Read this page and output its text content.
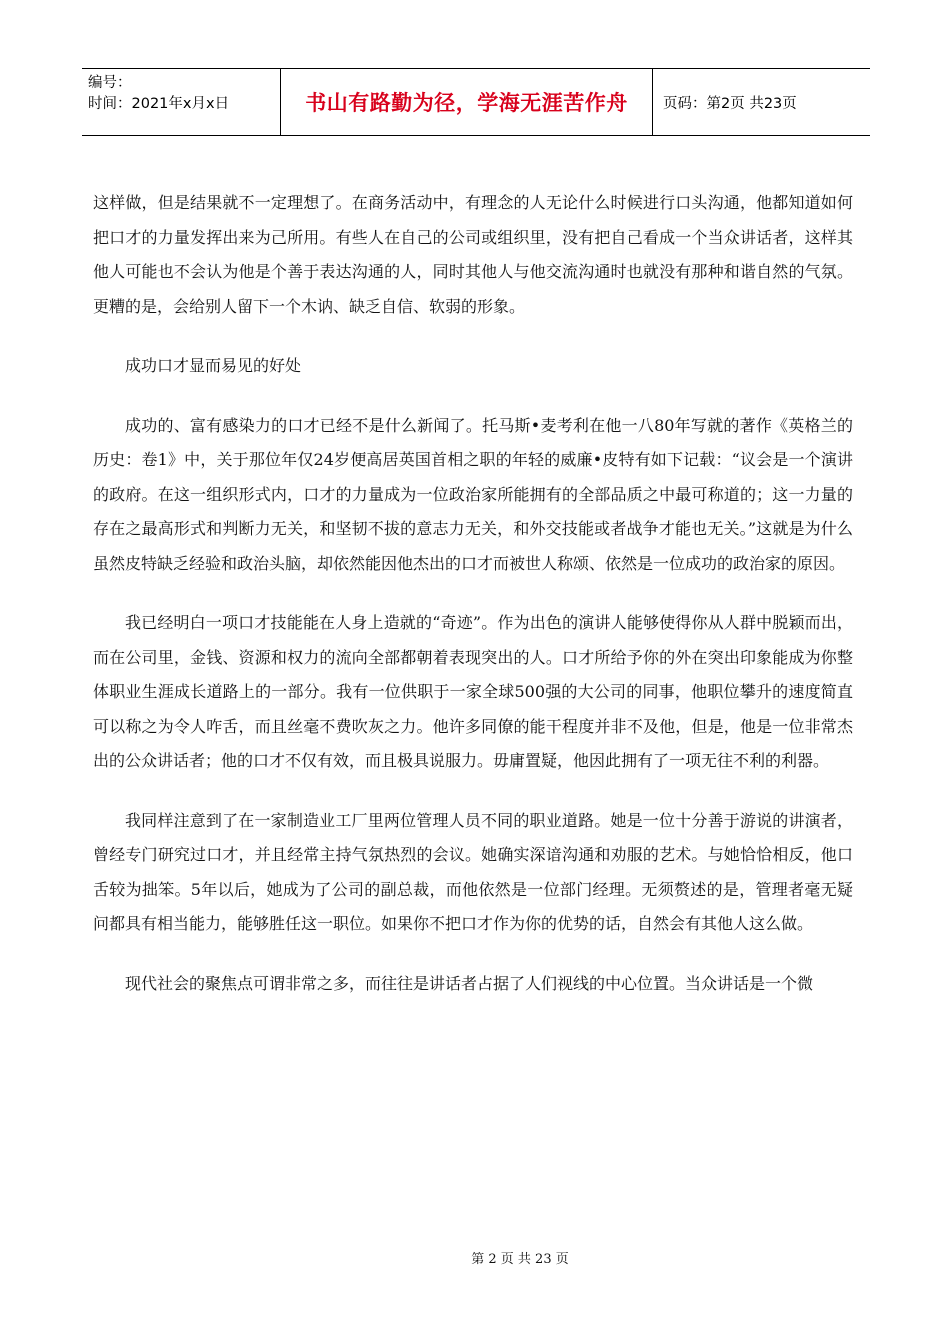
编号：
时间：2021年x月x日	书山有路勤为径，学海无涯苦作舟	页码：第2页 共23页

这样做，但是结果就不一定理想了。在商务活动中，有理念的人无论什么时候进行口头沟通，他都知道如何把口才的力量发挥出来为己所用。有些人在自己的公司或组织里，没有把自己看成一个当众讲话者，这样其他人可能也不会认为他是个善于表达沟通的人，同时其他人与他交流沟通时也就没有那种和谐自然的气氛。更糟的是，会给别人留下一个木讷、缺乏自信、软弱的形象。

成功口才显而易见的好处

成功的、富有感染力的口才已经不是什么新闻了。托马斯•麦考利在他一八80年写就的著作《英格兰的历史：卷1》中，关于那位年仅24岁便高居英国首相之职的年轻的威廉•皮特有如下记载：“议会是一个演讲的政府。在这一组织形式内，口才的力量成为一位政治家所能拥有的全部品质之中最可称道的；这一力量的存在之最高形式和判断力无关，和坚韧不拔的意志力无关，和外交技能或者战争才能也无关。”这就是为什么虽然皮特缺乏经验和政治头脑，却依然能因他杰出的口才而被世人称颂、依然是一位成功的政治家的原因。

我已经明白一项口才技能能在人身上造就的“奇迹”。作为出色的演讲人能够使得你从人群中脱颖而出，而在公司里，金钱、资源和权力的流向全部都朝着表现突出的人。口才所给予你的外在突出印象能成为你整体职业生涯成长道路上的一部分。我有一位供职于一家全球500强的大公司的同事，他职位攀升的速度简直可以称之为令人咋舌，而且丝毫不费吹灰之力。他许多同僚的能干程度并非不及他，但是，他是一位非常杰出的公众讲话者；他的口才不仅有效，而且极具说服力。毋庸置疑，他因此拥有了一项无往不利的利器。

我同样注意到了在一家制造业工厂里两位管理人员不同的职业道路。她是一位十分善于游说的讲演者，曾经专门研究过口才，并且经常主持气氛热烈的会议。她确实深谙沟通和劝服的艺术。与她恰恰相反，他口舌较为拙笨。5年以后，她成为了公司的副总裁，而他依然是一位部门经理。无须赘述的是，管理者毫无疑问都具有相当能力，能够胜任这一职位。如果你不把口才作为你的优势的话，自然会有其他人这么做。

现代社会的聚焦点可谓非常之多，而往往是讲话者占据了人们视线的中心位置。当众讲话是一个微

第 2 页 共 23 页
